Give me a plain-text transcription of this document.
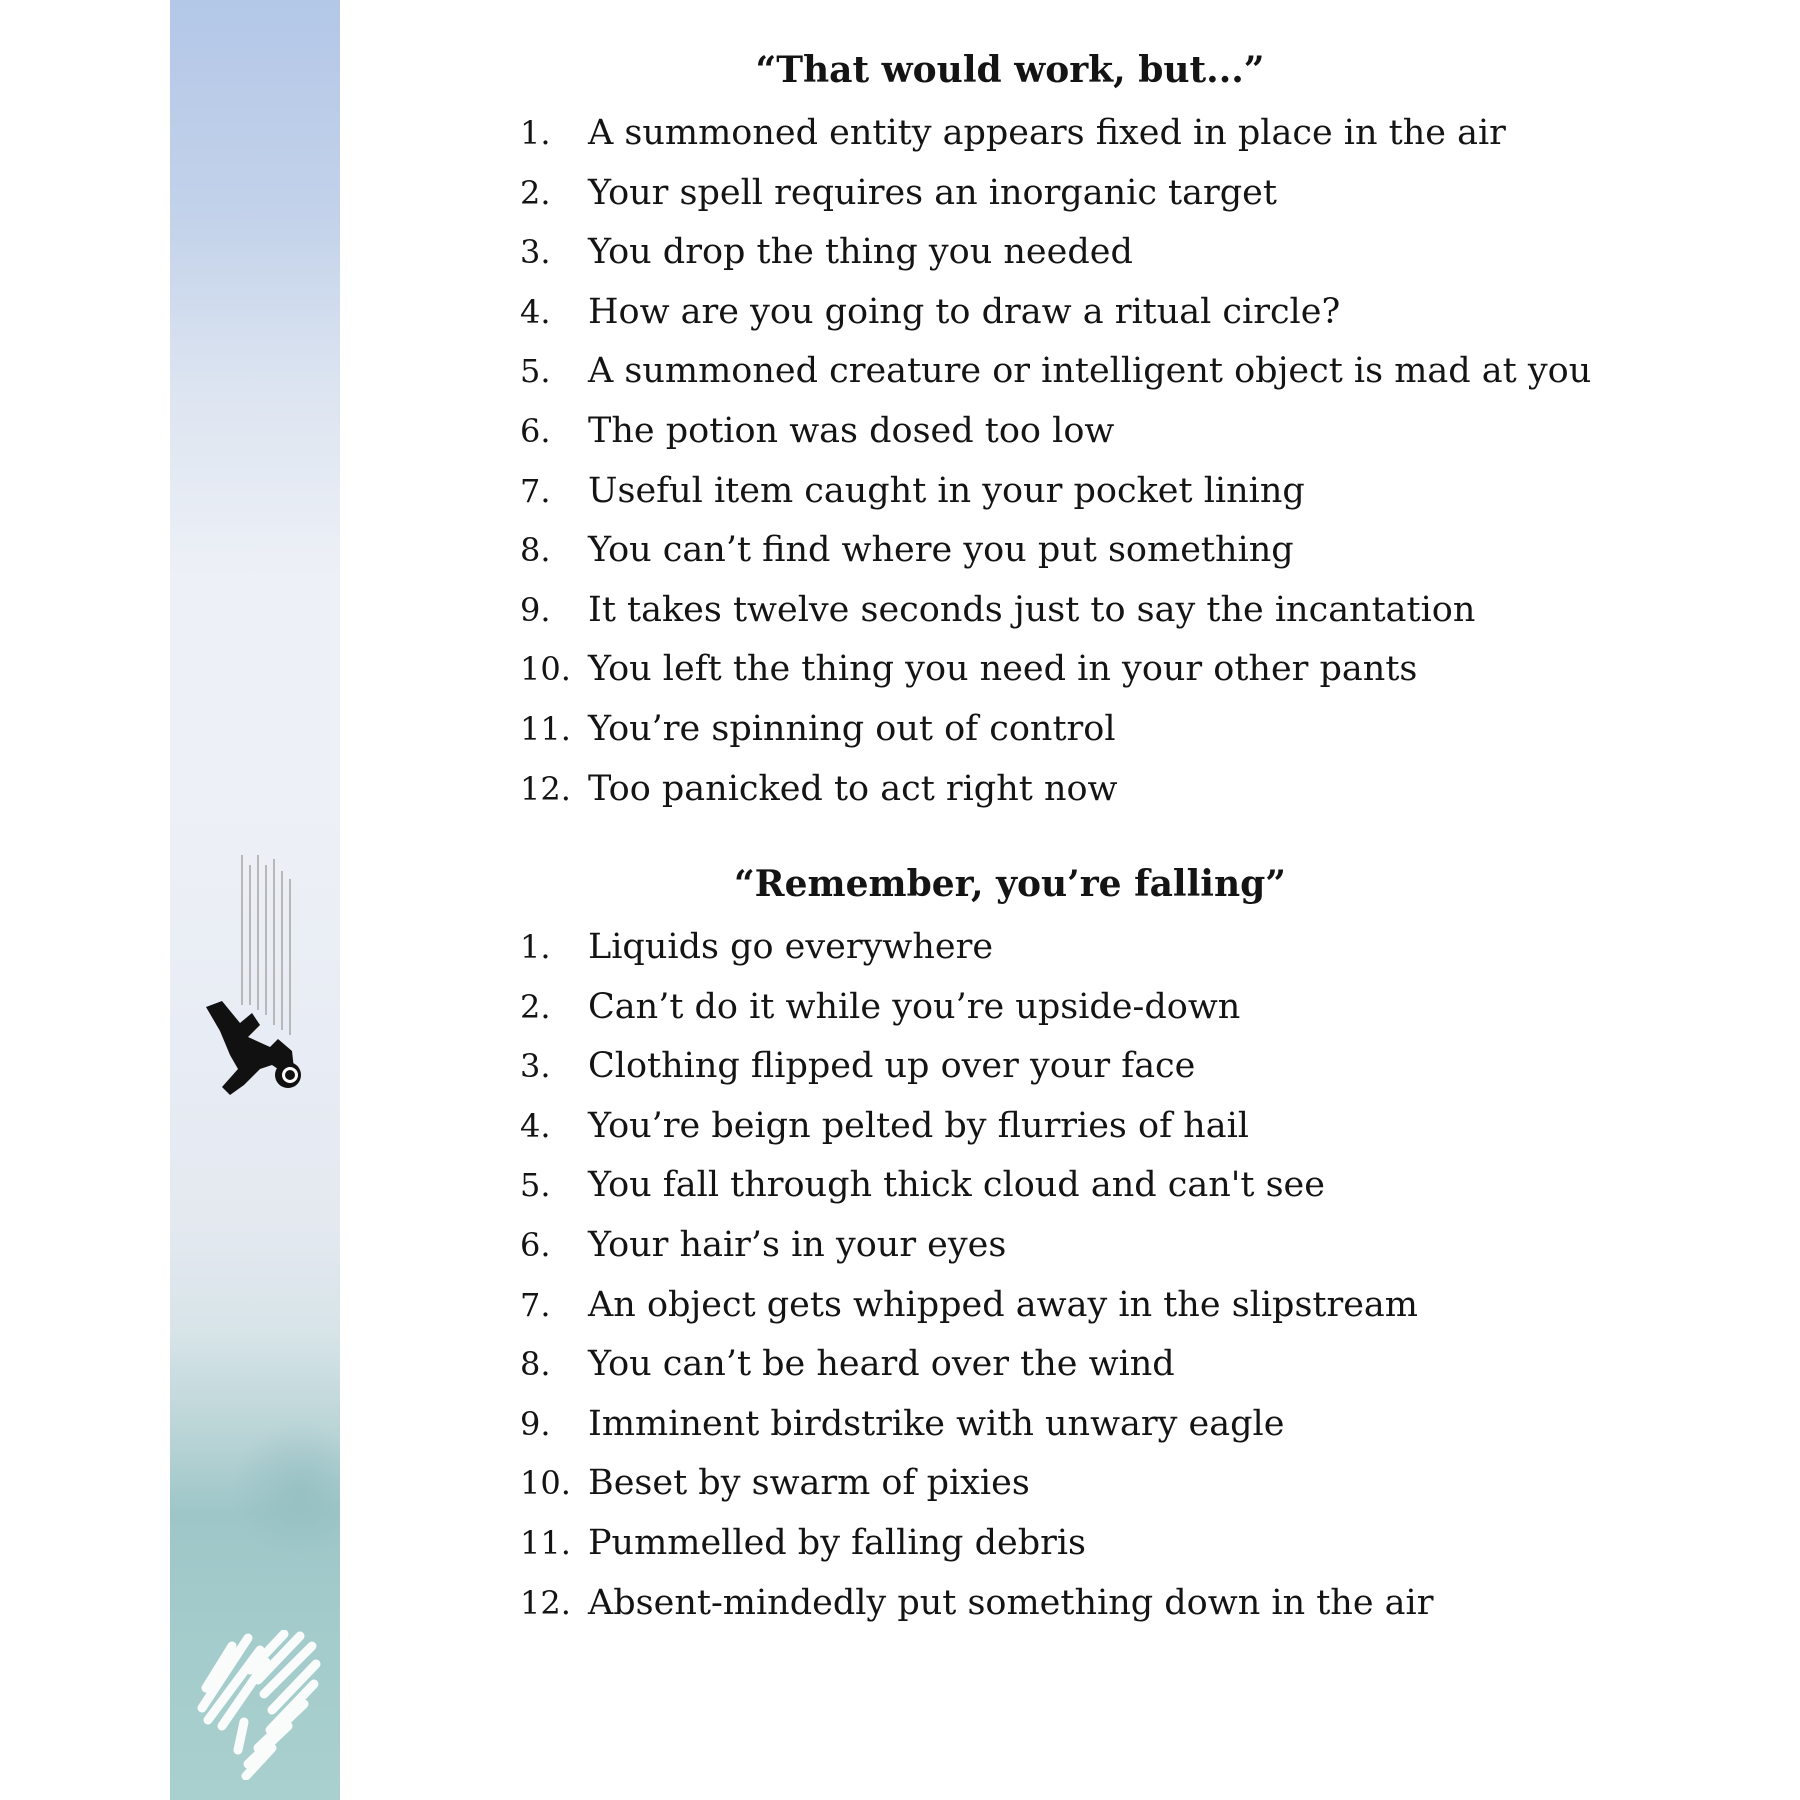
“That would work, but...”
1.	A summoned entity appears fixed in place in the air
2.	Your spell requires an inorganic target
3.	You drop the thing you needed
4.	How are you going to draw a ritual circle?
5.	A summoned creature or intelligent object is mad at you
6.	The potion was dosed too low
7.	Useful item caught in your pocket lining
8.	You can’t find where you put something
9.	It takes twelve seconds just to say the incantation
10. You left the thing you need in your other pants
11. You’re spinning out of control
12. Too panicked to act right now
“Remember, you’re falling”
1.	Liquids go everywhere
2.	Can’t do it while you’re upside-down
3.	Clothing flipped up over your face
4.	You’re beign pelted by flurries of hail
5.	You fall through thick cloud and can't see
6.	Your hair’s in your eyes
7.	An object gets whipped away in the slipstream
8.	You can’t be heard over the wind
9.	Imminent birdstrike with unwary eagle
10. Beset by swarm of pixies
11. Pummelled by falling debris
12. Absent-mindedly put something down in the air
